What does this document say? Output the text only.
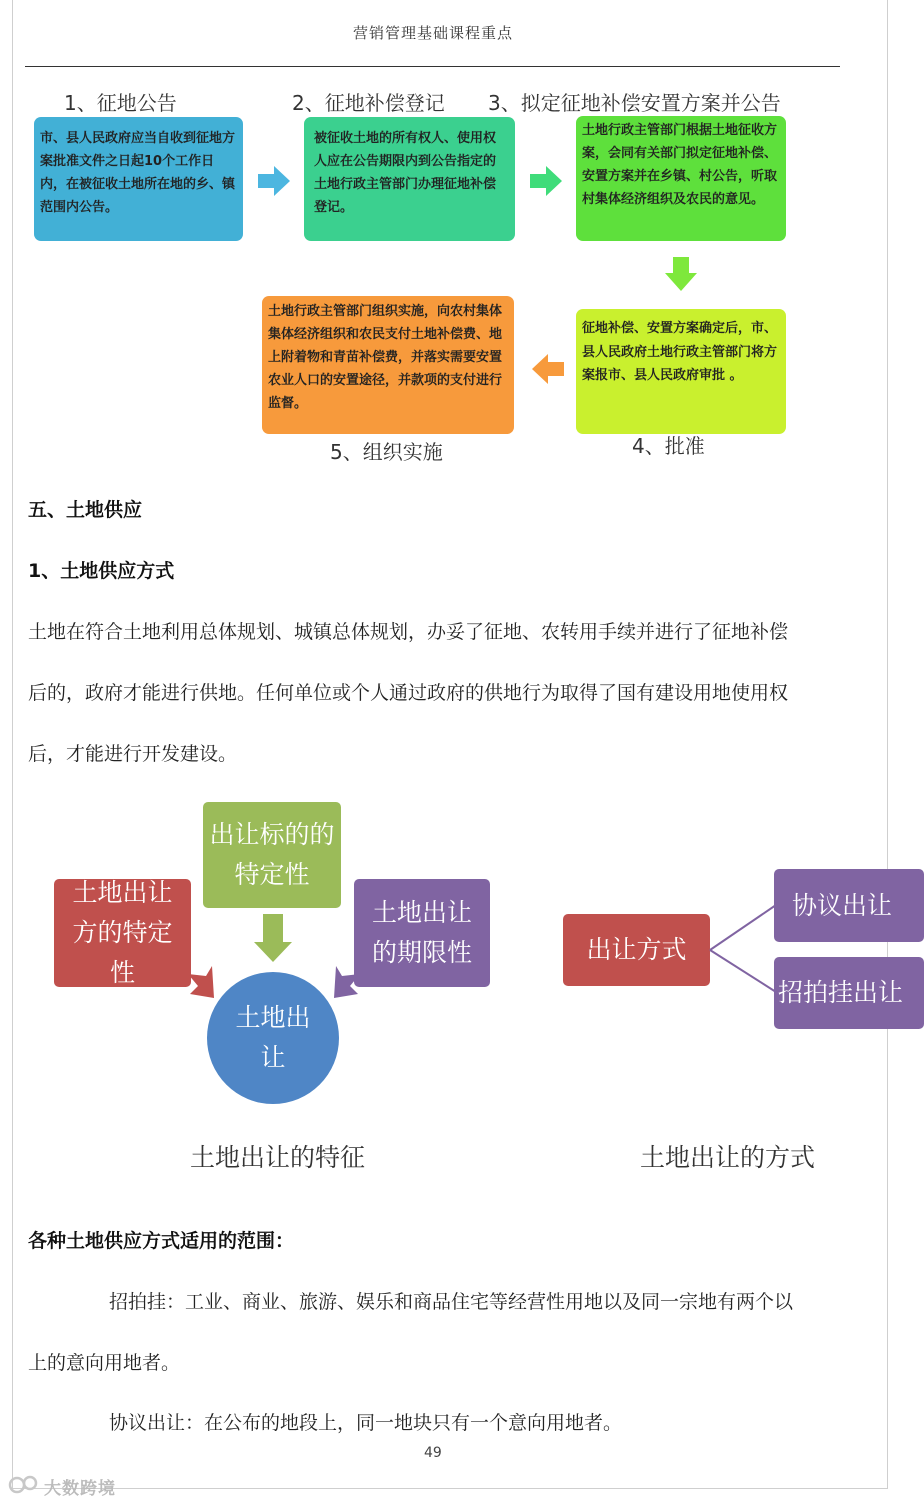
营销管理基础课程重点
1、征地公告	2、征地补偿登记 3、拟定征地补偿安置方案并公告
市、县人民政府应当自收到征地方案批准文件之日起10个工作日内，在被征收土地所在地的乡、镇范围内公告。
被征收土地的所有权人、使用权人应在公告期限内到公告指定的土地行政主管部门办理征地补偿登记。
土地行政主管部门根据土地征收方案，会同有关部门拟定征地补偿、安置方案并在乡镇、村公告，听取村集体经济组织及农民的意见。
征地补偿、安置方案确定后，市、县人民政府土地行政主管部门将方案报市、县人民政府审批 。
土地行政主管部门组织实施，向农村集体集体经济组织和农民支付土地补偿费、地上附着物和青苗补偿费，并落实需要安置农业人口的安置途径，并款项的支付进行监督。
5、组织实施	4、批准
五、土地供应
1、土地供应方式
土地在符合土地利用总体规划、城镇总体规划，办妥了征地、农转用手续并进行了征地补偿
后的，政府才能进行供地。任何单位或个人通过政府的供地行为取得了国有建设用地使用权
后，才能进行开发建设。
出让标的的特定性
土地出让方的特定性
土地出让的期限性
土地出让
土地出让的特征
出让方式
协议出让
招拍挂出让
土地出让的方式
各种土地供应方式适用的范围：
招拍挂：工业、商业、旅游、娱乐和商品住宅等经营性用地以及同一宗地有两个以
上的意向用地者。
协议出让：在公布的地段上，同一地块只有一个意向用地者。
49
大数跨境
